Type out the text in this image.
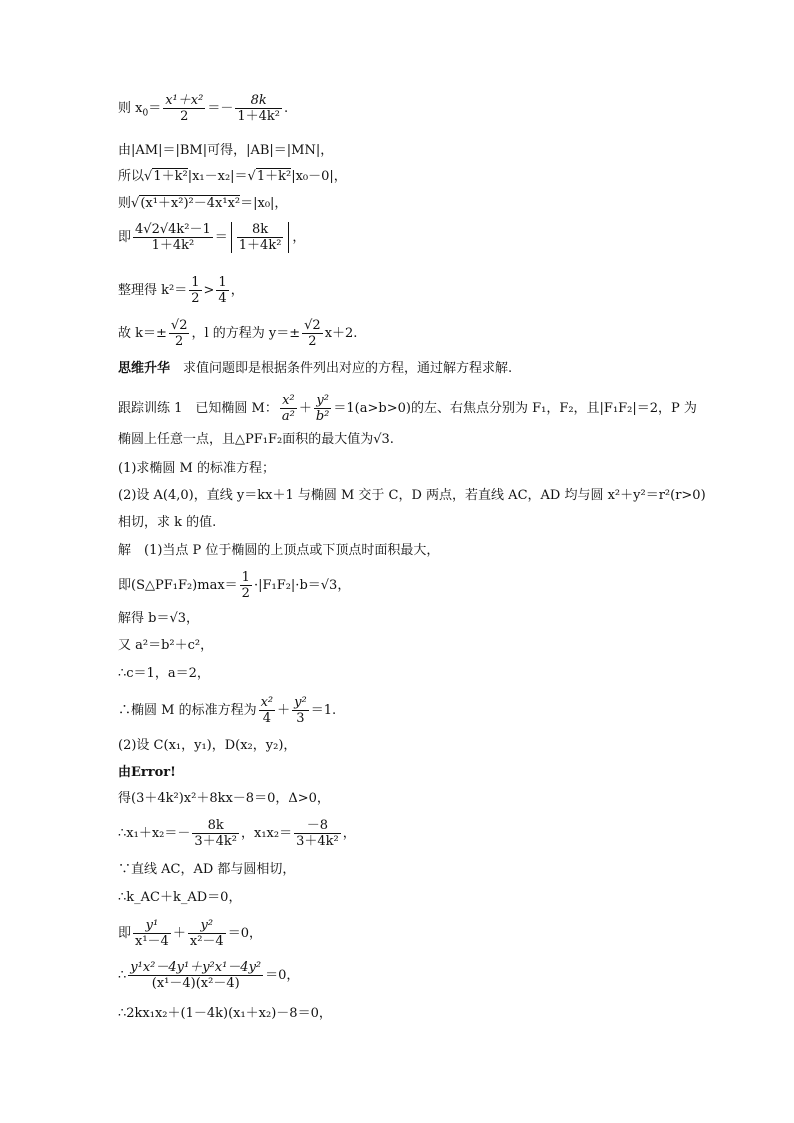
则 $x_0= \frac{\text{x¹＋x²}}{2} =- \frac{8k}{\text{1＋4k²}}$ .
由|AM|＝|BM|可得，|AB|＝|MN|，
所以√1＋k²|x₁－x₂|＝√1＋k²|x₀－0|，
则√(x¹＋x²)²－4x¹x²＝|x₀|，
即 $\frac{\text{4√2√4k²－1}}{\text{1＋4k²}} = \frac{8k}{\text{1＋4k²}}$ ，
整理得 $k^2= \frac{1}{2} > \frac{1}{4}$ ，
故 $k=\pm \frac{√2}{2}$ ，l 的方程为 $y=\pm \frac{√2}{2} x+2$.
思维升华　 求值问题即是根据条件列出对应的方程，通过解方程求解.
跟踪训练 1　 已知椭圆 M： $\frac{\text{x²}}{\text{a²}} + \frac{\text{y²}}{\text{b²}} =1(a>b>0)$的左、右焦点分别为 F₁，F₂，且|F₁F₂|＝2，P 为
椭圆上任意一点，且△PF₁F₂面积的最大值为√3.
(1)求椭圆 M 的标准方程；
(2)设 A(4,0)，直线 y＝kx＋1 与椭圆 M 交于 C，D 两点，若直线 AC，AD 均与圆 x²＋y²＝r²(r>0)
相切，求 k 的值.
解　(1)当点 P 位于椭圆的上顶点或下顶点时面积最大，
即(S△PF₁F₂)max＝ $\frac{1}{2} \cdot|F_1F_2|\cdot b=√3$，
解得 b＝√3，
又 a²＝b²＋c²，
∴c＝1，a＝2，
∴椭圆 M 的标准方程为 $\frac{\text{x²}}{4} + \frac{\text{y²}}{3} =1$.
(2)设 C(x₁，y₁)，D(x₂，y₂)，
由Error!
得(3＋4k²)x²＋8kx－8＝0，Δ>0，
∴x₁＋x₂＝－ $\frac{8k}{\text{3＋4k²}}$ ，$x_1x_2= \frac{-8}{\text{3＋4k²}}$ ，
∵直线 AC，AD 都与圆相切，
∴k_AC＋k_AD＝0，
即 $\frac{\text{y¹}}{\text{x¹－4}} + \frac{\text{y²}}{\text{x²－4}} =0$，
∴ $\frac{\text{y¹x²－4y¹＋y²x¹－4y²}}{\text{(x¹－4)(x²－4)}} =0$，
∴2kx₁x₂＋(1－4k)(x₁＋x₂)－8＝0，
